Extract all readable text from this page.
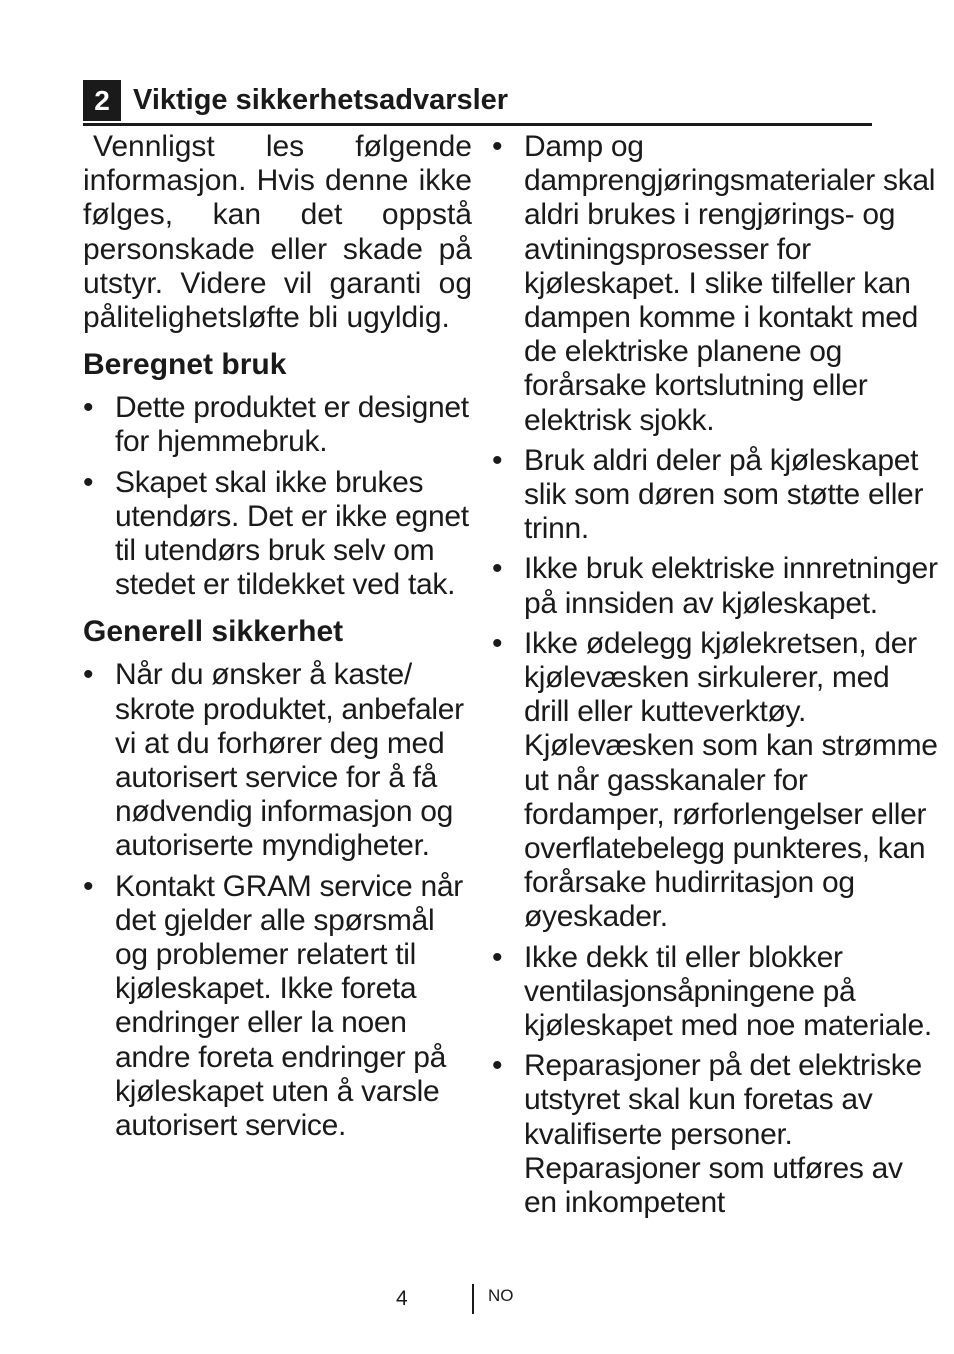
2 Viktige sikkerhetsadvarsler

Vennligst les følgende informasjon. Hvis denne ikke følges, kan det oppstå personskade eller skade på utstyr. Videre vil garanti og pålitelighetsløfte bli ugyldig.

Beregnet bruk
• Dette produktet er designet for hjemmebruk.
• Skapet skal ikke brukes utendørs. Det er ikke egnet til utendørs bruk selv om stedet er tildekket ved tak.
Generell sikkerhet
• Når du ønsker å kaste/ skrote produktet, anbefaler vi at du forhører deg med autorisert service for å få nødvendig informasjon og autoriserte myndigheter.
• Kontakt GRAM service når det gjelder alle spørsmål og problemer relatert til kjøleskapet. Ikke foreta endringer eller la noen andre foreta endringer på kjøleskapet uten å varsle autorisert service.
• Damp og damprengjøringsmaterialer skal aldri brukes i rengjørings- og avtiningsprosesser for kjøleskapet. I slike tilfeller kan dampen komme i kontakt med de elektriske planene og forårsake kortslutning eller elektrisk sjokk.
• Bruk aldri deler på kjøleskapet slik som døren som støtte eller trinn.
• Ikke bruk elektriske innretninger på innsiden av kjøleskapet.
• Ikke ødelegg kjølekretsen, der kjølevæsken sirkulerer, med drill eller kutteverktøy. Kjølevæsken som kan strømme ut når gasskanaler for fordamper, rørforlengelser eller overflatebelegg punkteres, kan forårsake hudirritasjon og øyeskader.
• Ikke dekk til eller blokker ventilasjonsåpningene på kjøleskapet med noe materiale.
• Reparasjoner på det elektriske utstyret skal kun foretas av kvalifiserte personer. Reparasjoner som utføres av en inkompetent
4	NO
